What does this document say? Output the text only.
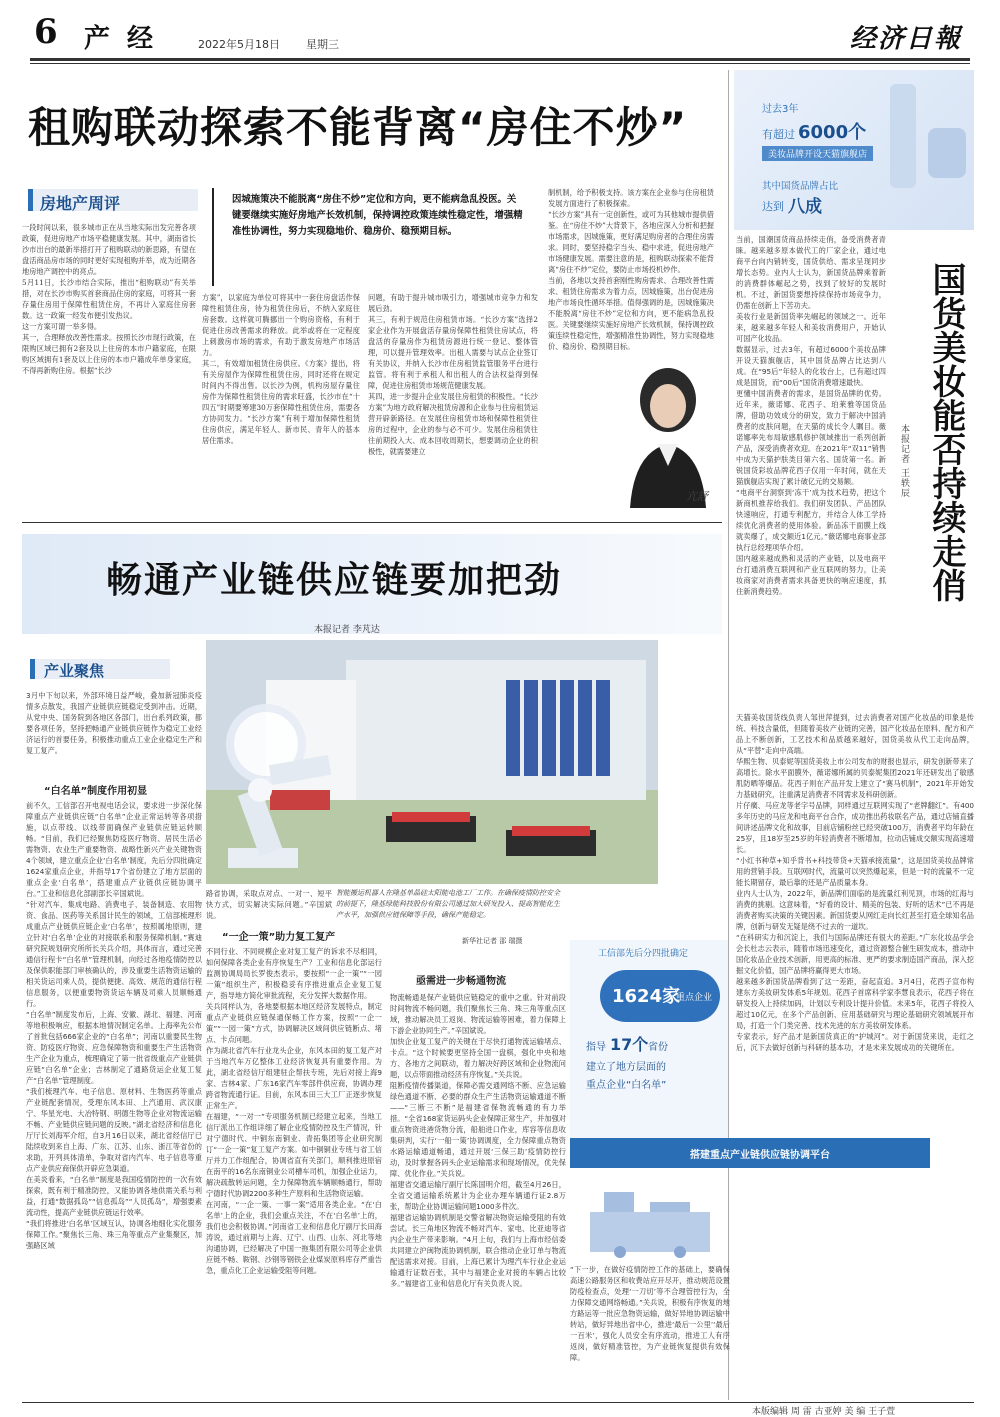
6 产 经	2022年5月18日 星期三	经济日報
租购联动探索不能背离“房住不炒”
房地产周评	因城施策决不能脱离“房住不炒”定位和方向，更不能病急乱投医。关键要继续实施好房地产长效机制，保持调控政策连续性稳定性，增强精准性协调性，努力实现稳地价、稳房价、稳预期目标。
一段时间以来，很多城市正在从当地实际出发完善各项政策，促进房地产市场平稳健康发展。其中，湖南省长沙市出台的最新举措打开了租购联动的新思路，有望在盘活商品房市场的同时更好实现租购并举，成为近期各地房地产调控中的亮点。
5月11日，长沙市结合实际，推出“租购联动”有关举措，对在长沙市购买首套商品住房的家庭，可将其一套存量住房用于保障性租赁住房，不再计入家庭住房套数。这一政策一经发布便引发热议。
这一方案可谓一举多得。
其一，合理释放改善性需求。按照长沙市现行政策，在限购区域已拥有2套及以上住房的本市户籍家庭，在限购区域拥有1套及以上住房的本市户籍成年单身家庭，不得再新购住房。根据“长沙
方案”，以家庭为单位可将其中一套住房盘活作保障性租赁住房，待为租赁住房后，不纳入家庭住房套数。这样就可腾挪出一个购房资格，有利于促进住房改善需求的释放。此举或将在一定程度上刺激房市场的需求，有助于激发房地产市场活力。
其二，有效增加租赁住房供应。《方案》提出，将有关房屋作为保障性租赁住房，同时还将在规定时间内不得出售。以长沙为例，机构房屋存量住房作为保障性租赁住房的需求旺盛，长沙市在“十四五”时期要筹建30万套保障性租赁住房，需要各方协同发力。“长沙方案”有利于增加保障性租赁住房供应，满足年轻人、新市民、青年人的基本居住需求。
问题，有助于提升城市吸引力，增强城市竞争力和发展后劲。
其三，有利于规范住房租赁市场。“长沙方案”选择2家企业作为开展盘活存量房保障性租赁住房试点，将盘活的存量房作为租赁房源进行统一登记、整体管理，可以提升管理效率。出租人需要与试点企业签订有关协议，并纳入长沙市住房租赁监管服务平台进行监管。将有利于承租人和出租人的合法权益得到保障，促进住房租赁市场规范健康发展。
其四，进一步提升企业发展住房租赁的积极性。“长沙方案”为地方政府解决租赁房源和企业参与住房租赁运营开辟新路径。在发展住房租赁市场和保障性租赁住房的过程中，企业的参与必不可少。发展住房租赁往往前期投入大、成本回收周期长，想要调动企业的积极性，就需要建立
制机制，给予积极支持。该方案在企业参与住房租赁发展方面进行了积极探索。
“长沙方案”具有一定创新性，或可为其他城市提供借鉴。在“房住不炒”大背景下，各地应深入分析和把握市场需求，因城施策，更好满足购房者的合理住房需求。同时，要坚持稳字当头、稳中求进，促进房地产市场健康发展。需要注意的是，租购联动探索不能背离“房住不炒”定位，要防止市场投机炒作。
当前，各地以支持首套刚性购房需求、合理改善性需求、租赁住房需求为着力点，因城施策，出台促进房地产市场良性循环举措。值得强调的是，因城施策决不能脱离“房住不炒”定位和方向，更不能病急乱投医。关键要继续实施好房地产长效机制，保持调控政策连续性稳定性，增强精准性协调性，努力实现稳地价、稳房价、稳预期目标。
亢舒
过去3年
有超过 6000个
美妆品牌开设天猫旗舰店
其中国货品牌占比
达到 八成
当前，国潮国货商品持续走俏，备受消费者青睐。越来越多原本做代工的厂家企业，通过电商平台向内销转变，国货供给、需求呈现同步增长态势。业内人士认为，新国货品牌乘着新的消费群体崛起之势，找到了较好的发展时机。不过，新国货要想持续保持市场竞争力，仍需在创新上下苦功夫。
美妆行业是新国货率先崛起的领域之一。近年来，越来越多年轻人和美妆消费用户，开始认可国产化妆品。
数据显示，过去3年，有超过6000个美妆品牌开设天猫旗舰店，其中国货品牌占比达到八成。在“95后”年轻人的化妆台上，已有超过四成是国货，而“00后”国货消费增速最快。
更懂中国消费者的需求，是国货品牌的优势。近年来，薇诺娜、花西子、珀莱雅等国货品牌，借助功效成分的研发，致力于解决中国消费者的皮肤问题，在天猫的成长令人瞩目。薇诺娜率先布局敏感肌修护领域推出一系列创新产品，深受消费者欢迎。在2021年“双11”销售中成为天猫护肤类目第六名、国货第一名。新锐国货彩妆品牌花西子仅用一年时间，就在天猫旗舰店实现了累计破亿元的交易额。
“电商平台洞察到‘冻干’成为技术趋势，把这个新商机推荐给我们。我们研发团队、产品团队快速响应，打通专利配方，并结合人体工学持续优化消费者的使用体验。新品冻干面膜上线就卖爆了，成交额近1亿元。”薇诺娜电商事业部执行总经理项华介绍。
国内越来越成熟和灵活的产业链，以及电商平台打通消费互联网和产业互联网的努力，让美妆商家对消费者需求具备更快的响应速度，抓住新消费趋势。	国货美妆能否持续走俏
本报记者 王轶辰
天猫美妆国货线负责人邹世萍提到，过去消费者对国产化妆品的印象是传统、科技含量低，但随着美妆产业链的完善，国产化妆品在原料、配方和产品上不断创新，工艺技术和品质越来越好，国货美妆从代工走向品牌，从“平替”走向中高端。
华熙生物、贝泰妮等国货美妆上市公司发布的财报也显示，研发创新带来了高增长。除水平面膜外，薇诺娜所属的贝泰妮集团2021年还研发出了敏感肌防晒等爆品。花西子则在产品开发上建立了“赛马机制”，2021年开始发力基础研究，注重满足消费者不同需求及科研创新。
片仔癀、马应龙等老字号品牌，同样通过互联网实现了“老牌翻红”。有400多年历史的马应龙和电商平台合作，成功推出药妆联名产品，通过店铺直播间讲述品牌文化和故事，目前店铺粉丝已经突破100万，消费者平均年龄在25岁，且18岁至25岁的年轻消费者不断增加，拉动店铺成交额实现高速增长。
“小红书种草+知乎背书+科技带货+天猫承接流量”，这是国货美妆品牌常用的营销手段。互联网时代，流量可以突然爆起来，但是一时的流量不一定能长期留存，最后靠的还是产品质量本身。
业内人士认为，2022年，新品牌们面临的是流量红利见顶，市场的红海与消费的挑剔。这意味着，“好看的设计、精美的包装、好听的话术”已不再是消费者购买决策的关键因素。新国货要从网红走向长红甚至打造全球知名品牌，创新与研发无疑是绕不过去的一道坎。
“在科研实力和沉淀上，我们与国际品牌还有很大的差距。”广东化妆品学会会长杜志云表示，随着市场迅速变化，通过资源整合催生研发成本，推动中国化妆品企业技术创新，用更高的标准、更严的要求制造国产商品，深入挖掘文化价值，国产品牌将赢得更大市场。
越来越多新国货品牌看到了这一差距，奋起直追。3月4日，花西子宣布构建东方美妆研发体系5年规划。花西子首席科学家李慧良表示，花西子将在研发投入上持续加码，计划以专利设计提升价值。未来5年，花西子将投入超过10亿元，在多个产品创新、应用基础研究与理论基础研究领域展开布局，打造一个门类完善、技术先进的东方美妆研发体系。
专家表示，好产品才是新国货真正的“护城河”。对于新国货来说，走红之后，沉下去做好创新与科研的基本功，才是未来发展成功的关键所在。
畅通产业链供应链要加把劲
本报记者 李芃达
产业聚焦
3月中下旬以来，外部环境日益严峻，叠加新冠肺炎疫情多点散发，我国产业链供应链稳定受到冲击。近期，从党中央、国务院到各地区各部门，出台系列政策，都要各项任务，坚持把畅通产业链供应链作为稳定工业经济运行的首要任务，积极推动重点工业企业稳定生产和复工复产。
“白名单”制度作用初显
前不久，工信部召开电视电话会议，要求进一步深化保障重点产业链供应链“白名单”企业正常运转等各项措施，以点带线、以线带面确保产业链供应链运转顺畅。“目前，我们已经聚焦防疫医疗物资、居民生活必需物资、农业生产重要物资、战略性新兴产业关键物资4个领域，建立重点企业‘白名单’制度，先后分四批确定1624家重点企业，并指导17个省份建立了地方层面的重点企业‘白名单’，搭建重点产业链供应链协调平台。”工业和信息化部副部长辛国斌说。
“针对汽车、集成电路、消费电子、装备制造、农用物资、食品、医药等关系国计民生的领域，工信部梳理形成重点产业链供应链企业‘白名单’，按照属地原则，建立针对‘白名单’企业的对接联系和服务保障机制。”赛迪研究院规划研究所所长关兵介绍，具体而言，通过完善通信行程卡“白名单”管理机制，向经过各地疫情防控以及保供职能部门审核确认的，涉及重要生活物资运输的相关货运司乘人员，提供便捷、高效、规范的通信行程信息服务，以便重要物资货运车辆及司乘人员顺畅通行。
“白名单”制度发布后，上海、安徽、湖北、福建、河南等地积极响应，根据本地情况制定名单。上海率先公布了首批包括666家企业的“白名单”；河南以重要民生物资、防疫医疗物资、应急保障物资和重要生产生活物资生产企业为重点，梳理确定了第一批省级重点产业链供应链“白名单”企业；吉林制定了通路货运企业复工复产“白名单”管理制度。
“我们梳理汽车、电子信息、原材料、生物医药等重点产业链配套情况，受理东风本田、上汽通用、武汉康宁、华星光电、大冶特钢、明德生物等企业对物流运输不畅、产业链供应链问题的反映。”湖北省经济和信息化厅厅长刘海军介绍，自3月16日以来，湖北省经信厅已陆续收到来自上海、广东、江苏、山东、浙江等省份的求助，开列具体清单，争取对省内汽车、电子信息等重点产业供应商保供开辟应急渠道。
在美炎看来，“白名单”制度是我国疫情防控的一次有效探索，既有利于精准防控，又能协调各地供需关系与利益，打通“数据孤岛”“信息孤岛”“人员孤岛”，增强要素流动性，提高产业链供应链运行效率。
“我们将推进‘白名单’区域互认，协调各地细化实化服务保障工作。”聚焦长三角、珠三角等重点产业集聚区，加强路区域
智能搬运机器人在隆基单晶硅太阳能电池工厂工作。在确保疫情防控安全的前提下，隆基绿能科技股份有限公司通过加大研发投入、提高智能化生产水平，加强供应链保障等手段，确保产能稳定。
新华社记者 邵 瑞摄
路省协调，采取点对点、一对一、短平快方式，切实解决实际问题。”辛国斌说。
“一企一策”助力复工复产
不同行业、不同规模企业对复工复产的诉求不尽相同，如何保障各类企业有序恢复生产？工业和信息化部运行监测协调局局长罗俊杰表示，要按照“一企一策”“一园一策”组织生产，积极稳妥有序推进重点企业复工复产，指导地方简化审批流程，充分发挥大数据作用。
关兵同样认为，各地要根据本地区经济发展特点，制定重点产业链供应链保通保畅工作方案，按照“一企一策”“一园一策”方式，协调解决区域间供应链断点、堵点、卡点问题。
作为湖北省汽车行业龙头企业，东风本田的复工复产对于当地汽车万亿整体工业经济恢复具有重要作用。为此，湖北省经信厅组建驻企帮扶专班，先后对接上海9家、吉林4家、广东16家汽车零部件供应商，协调办理跨省物流通行证。目前，东风本田三大工厂正逐步恢复正常生产。
在福建，“一对一”专项服务机制已经建立起来，当地工信厅派出工作组详细了解企业疫情防控及生产情况，针对宁德时代、中铜东南铜业、青拓集团等企业研究制订“一企一策”复工复产方案。如中铜铜业专班与省工信厅并力工作组配合，协调省直有关部门，顺利推进原宿在南平的16名东南铜业公司槽车司机，加强企业运力，解决疏散转运问题，全力保障物流车辆顺畅通行，帮助宁德时代协调2200多种生产原料和生活物资运输。
在河南，“一企一策、一事一案”适用各类企业。“在‘白名单’上的企业，我们会重点关注，不在‘白名单’上的，我们也会积极协调。”河南省工业和信息化厅副厅长田海涛说，通过前期与上海、辽宁、山西、山东、河北等地沟通协调，已经解决了中国一拖集团有限公司等企业供应链不畅、鞍钢、沙钢等钢铁企业煤炭原料库存严重告急，重点化工企业运输受阻等问题。
亟需进一步畅通物流
物流畅通是保产业链供应链稳定的重中之重。针对前段时间物流不畅问题，我们聚焦长三角、珠三角等重点区域，推动解决员工返岗、物流运输等困难，着力保障上下游企业协同生产。”辛国斌说。
加快企业复工复产的关键在于尽快打通物流运输堵点、卡点。“这个时候要更坚持全国一盘棋，强化中央和地方、各地方之间联动，着力解决好跨区域和企业物流问题，以点带面推动经济有序恢复。”关兵说。
阻断疫情传播渠道，保障必需交通网络不断、应急运输绿色通道不断、必要的群众生产生活物资运输通道不断——“三断三不断”是福建省保物流畅通的有力举措。“全省168家货运码头企业保障正常生产，并加强对重点物资进港货物分流，船舶进口作业，库容等信息收集研判，实行‘一船一策’协调调度，全力保障重点物资水路运输通道畅通，通过开展‘三保三助’疫情防控行动，及时掌握各码头企业运输需求和现场情况，优先保障、优化作业。”关兵说。
福建省交通运输厅副厅长陈国明介绍，截至4月26日，全省交通运输系统累计为企业办理车辆通行证2.8万张，帮助企业协调运输问题1000多件次。
福建省运输协调机制是交警省解决物资运输受阻的有效尝试。长三角地区物流不畅对汽车、家电、比亚迪等省内企业生产带来影响。“4月上旬，我们与上海市经信委共同建立沪闽物流协调机制，联合推动企业订单与物流配送需求对接。目前，上海已累计为理汽车行业企业运输通行证数百张，其中与福建企业对接的车辆占比较多。”福建省工业和信息化厅有关负责人说。
工信部先后分四批确定
1624家
重点企业
指导 17个 省份
建立了地方层面的
重点企业“白名单”
搭建重点产业链供应链协调平台
“下一步，在做好疫情防控工作的基础上，要确保高速公路服务区和收费站应开尽开，推动规范设置防疫检查点，处理‘一刀切’等不合理管控行为，全力保障交通网络畅通。”关兵说，积极有序恢复的地方路运等一批应急物资运输，做好异地协调运输中转站，做好异地出省中心，推进‘最后一公里’‘最后一百米’，强化人员安全有序流动，推进工人有序返岗，做好精准管控，为产业链恢复提供有效保障。
本版编辑 周 雷 古亚婷 美 编 王子萱
